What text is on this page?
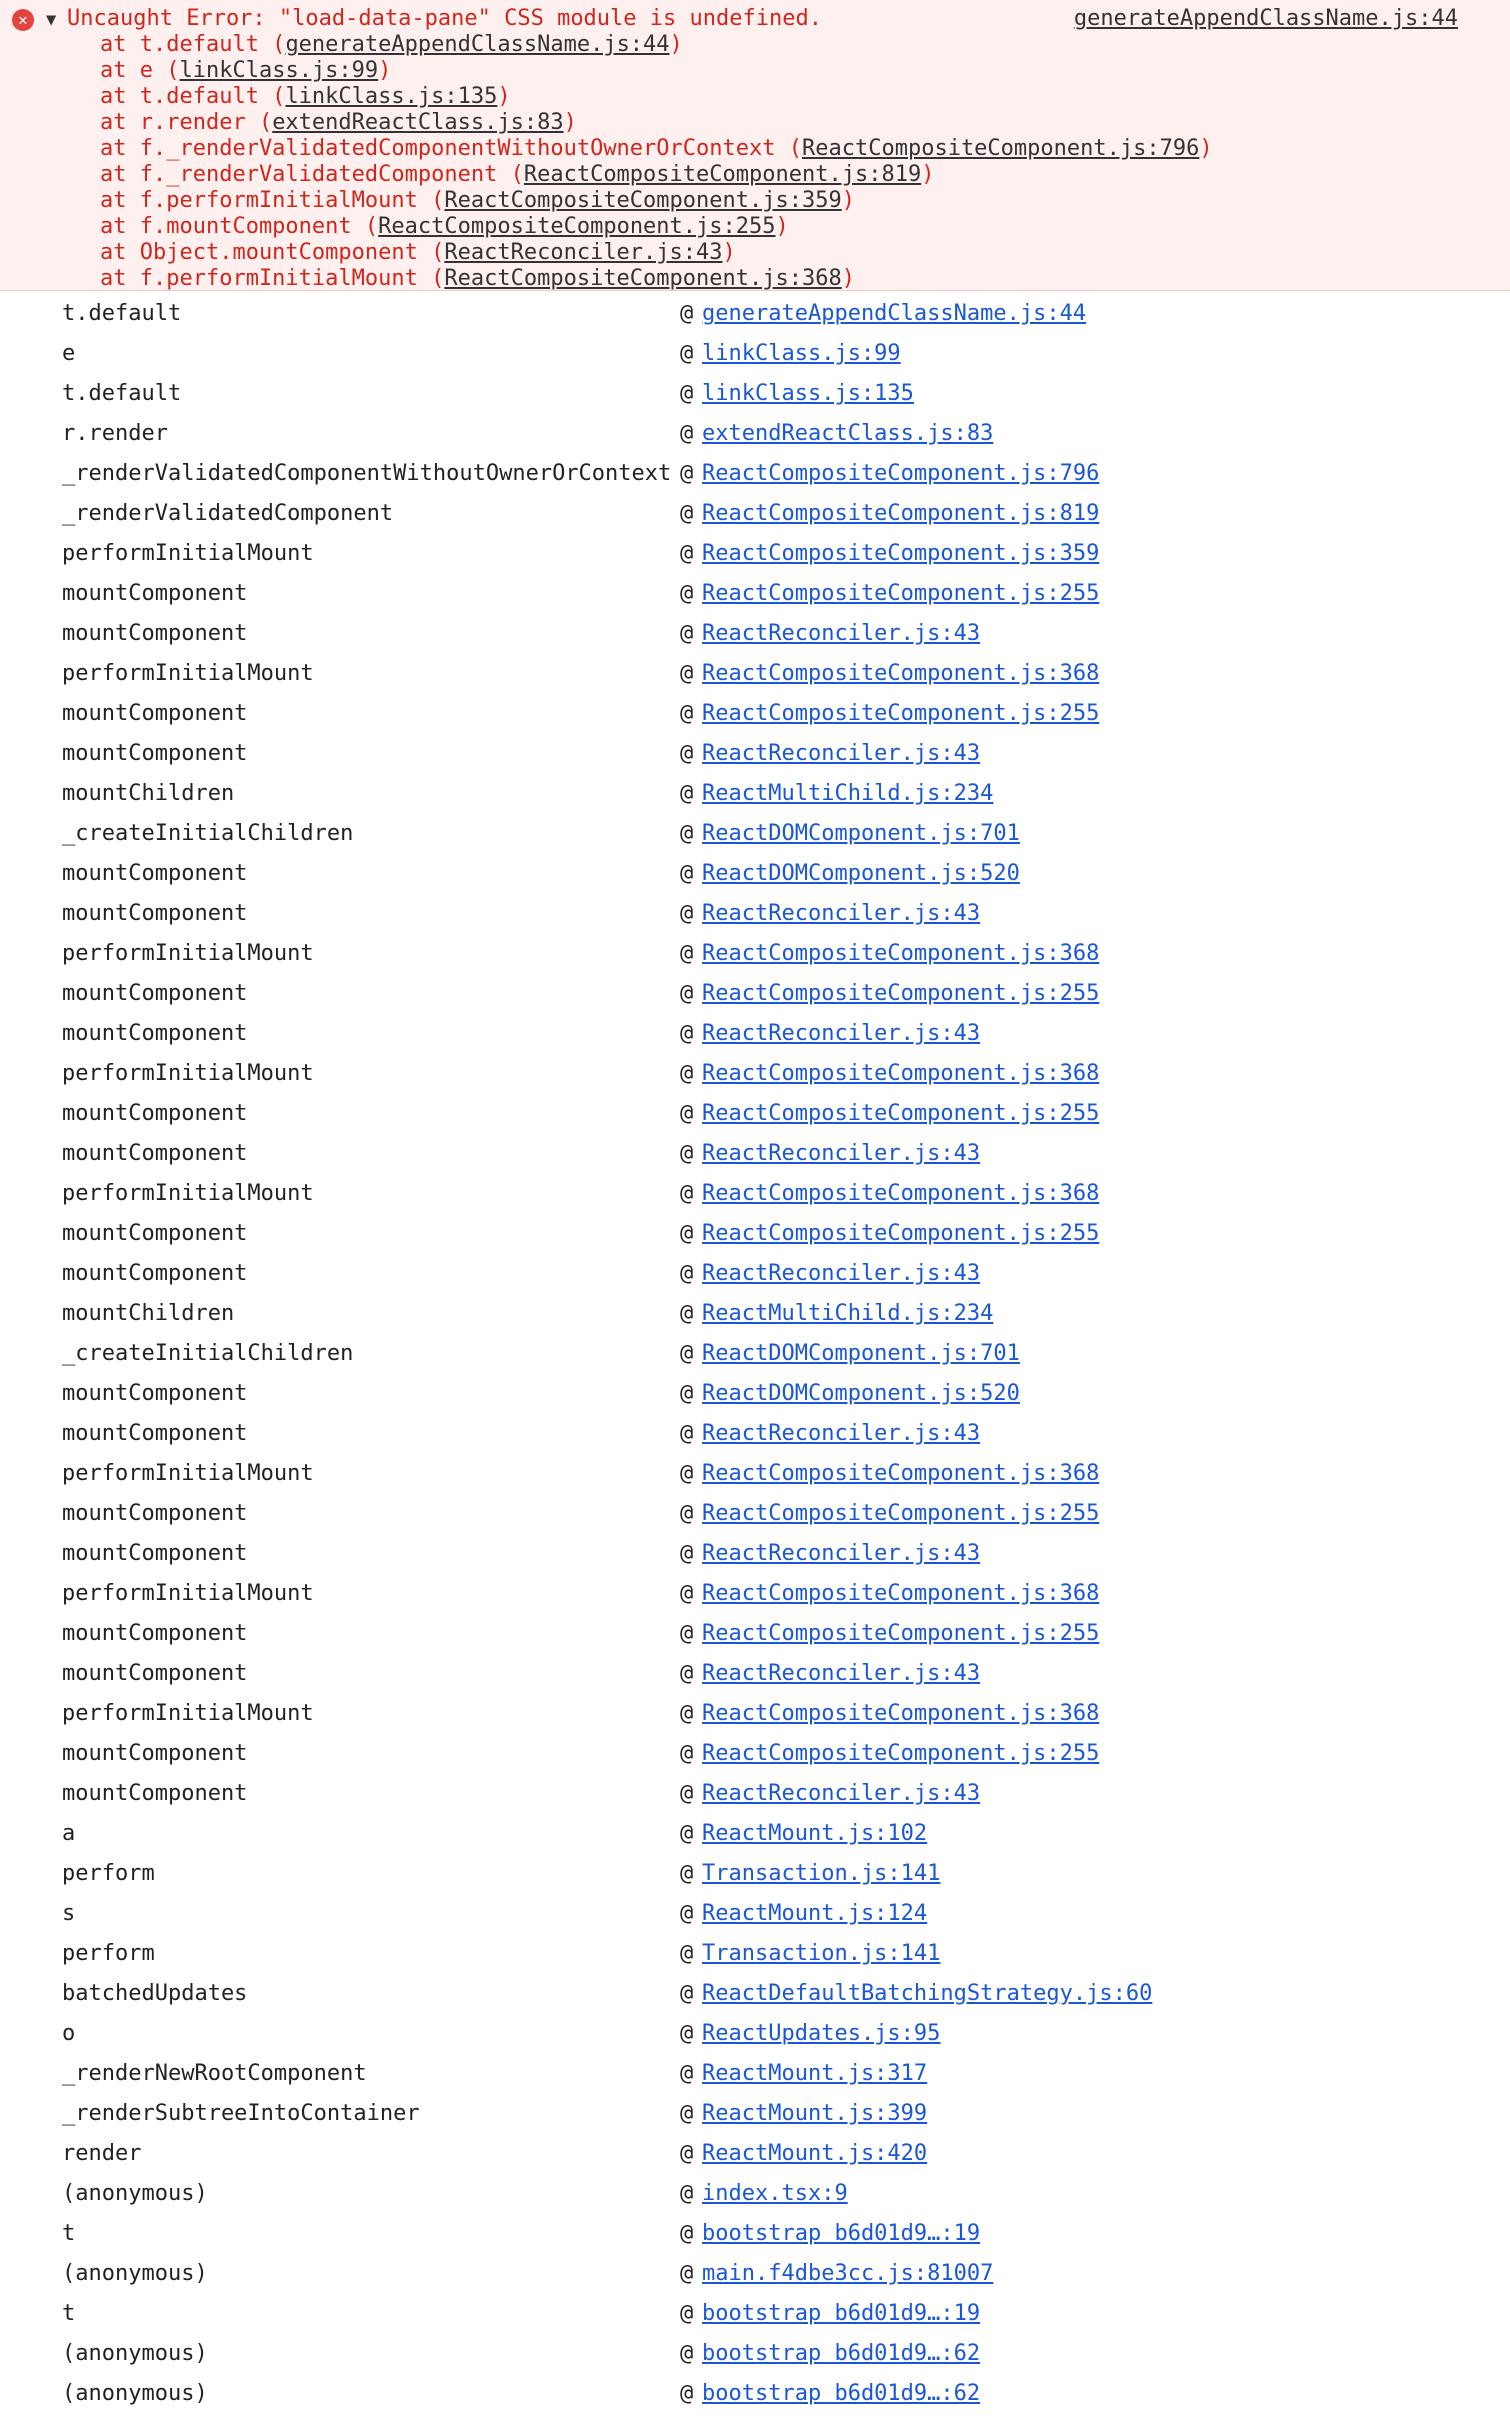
✕	▼ Uncaught Error: "load-data-pane" CSS module is undefined.	generateAppendClassName.js:44
at t.default (generateAppendClassName.js:44)
at e (linkClass.js:99)
at t.default (linkClass.js:135)
at r.render (extendReactClass.js:83)
at f._renderValidatedComponentWithoutOwnerOrContext (ReactCompositeComponent.js:796)
at f._renderValidatedComponent (ReactCompositeComponent.js:819)
at f.performInitialMount (ReactCompositeComponent.js:359)
at f.mountComponent (ReactCompositeComponent.js:255)
at Object.mountComponent (ReactReconciler.js:43)
at f.performInitialMount (ReactCompositeComponent.js:368)
t.default	@ generateAppendClassName.js:44
e	@ linkClass.js:99
t.default	@ linkClass.js:135
r.render	@ extendReactClass.js:83
_renderValidatedComponentWithoutOwnerOrContext @ ReactCompositeComponent.js:796
_renderValidatedComponent	@ ReactCompositeComponent.js:819
performInitialMount	@ ReactCompositeComponent.js:359
mountComponent	@ ReactCompositeComponent.js:255
mountComponent	@ ReactReconciler.js:43
performInitialMount	@ ReactCompositeComponent.js:368
mountComponent	@ ReactCompositeComponent.js:255
mountComponent	@ ReactReconciler.js:43
mountChildren	@ ReactMultiChild.js:234
_createInitialChildren	@ ReactDOMComponent.js:701
mountComponent	@ ReactDOMComponent.js:520
mountComponent	@ ReactReconciler.js:43
performInitialMount	@ ReactCompositeComponent.js:368
mountComponent	@ ReactCompositeComponent.js:255
mountComponent	@ ReactReconciler.js:43
performInitialMount	@ ReactCompositeComponent.js:368
mountComponent	@ ReactCompositeComponent.js:255
mountComponent	@ ReactReconciler.js:43
performInitialMount	@ ReactCompositeComponent.js:368
mountComponent	@ ReactCompositeComponent.js:255
mountComponent	@ ReactReconciler.js:43
mountChildren	@ ReactMultiChild.js:234
_createInitialChildren	@ ReactDOMComponent.js:701
mountComponent	@ ReactDOMComponent.js:520
mountComponent	@ ReactReconciler.js:43
performInitialMount	@ ReactCompositeComponent.js:368
mountComponent	@ ReactCompositeComponent.js:255
mountComponent	@ ReactReconciler.js:43
performInitialMount	@ ReactCompositeComponent.js:368
mountComponent	@ ReactCompositeComponent.js:255
mountComponent	@ ReactReconciler.js:43
performInitialMount	@ ReactCompositeComponent.js:368
mountComponent	@ ReactCompositeComponent.js:255
mountComponent	@ ReactReconciler.js:43
a	@ ReactMount.js:102
perform	@ Transaction.js:141
s	@ ReactMount.js:124
perform	@ Transaction.js:141
batchedUpdates	@ ReactDefaultBatchingStrategy.js:60
o	@ ReactUpdates.js:95
_renderNewRootComponent	@ ReactMount.js:317
_renderSubtreeIntoContainer	@ ReactMount.js:399
render	@ ReactMount.js:420
(anonymous)	@ index.tsx:9
t	@ bootstrap b6d01d9…:19
(anonymous)	@ main.f4dbe3cc.js:81007
t	@ bootstrap b6d01d9…:19
(anonymous)	@ bootstrap b6d01d9…:62
(anonymous)	@ bootstrap b6d01d9…:62
